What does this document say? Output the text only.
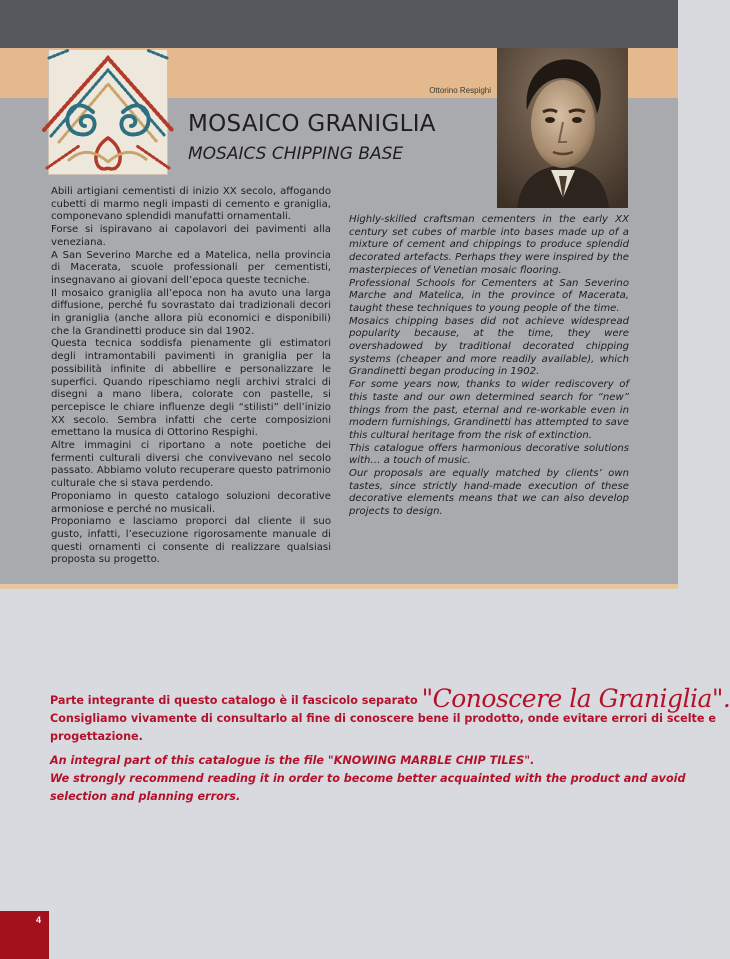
Ottorino Respighi
MOSAICO GRANIGLIA
MOSAICS CHIPPING BASE

Abili artigiani cementisti di inizio XX secolo, affogando cubetti di marmo negli impasti di cemento e graniglia, componevano splendidi manufatti ornamentali.

Forse si ispiravano ai capolavori dei pavimenti alla veneziana.

A San Severino Marche ed a Matelica, nella provincia di Macerata, scuole professionali per cementisti, insegnavano ai giovani dell’epoca queste tecniche.

Il mosaico graniglia all’epoca non ha avuto una larga diffusione, perché fu sovrastato dai tradizionali decori in graniglia (anche allora più economici e disponibili) che la Grandinetti produce sin dal 1902.

Questa tecnica soddisfa pienamente gli estimatori degli intramontabili pavimenti in graniglia per la possibilità infinite di abbellire e personalizzare le superfici. Quando ripeschiamo negli archivi stralci di disegni a mano libera, colorate con pastelle, si percepisce le chiare influenze degli “stilisti” dell’inizio XX secolo. Sembra infatti che certe composizioni emettano la musica di Ottorino Respighi.

Altre immagini ci riportano a note poetiche dei fermenti culturali diversi che convivevano nel secolo passato. Abbiamo voluto recuperare questo patrimonio culturale che si stava perdendo.

Proponiamo in questo catalogo soluzioni decorative armoniose e perché no musicali.

Proponiamo e lasciamo proporci dal cliente il suo gusto, infatti, l’esecuzione rigorosamente manuale di questi ornamenti ci consente di realizzare qualsiasi proposta su progetto.

Highly-skilled craftsman cementers in the early XX century set cubes of marble into bases made up of a mixture of cement and chippings to produce splendid decorated artefacts. Perhaps they were inspired by the masterpieces of Venetian mosaic flooring.

Professional Schools for Cementers at San Severino Marche and Matelica, in the province of Macerata, taught these techniques to young people of the time.

Mosaics chipping bases did not achieve widespread popularity because, at the time, they were overshadowed by traditional decorated chipping systems (cheaper and more readily available), which Grandinetti began producing in 1902.

For some years now, thanks to wider rediscovery of this taste and our own determined search for “new” things from the past, eternal and re-workable even in modern furnishings, Grandinetti has attempted to save this cultural heritage from the risk of extinction.

This catalogue offers harmonious decorative solutions with… a touch of music.

Our proposals are equally matched by clients’ own tastes, since strictly hand-made execution of these decorative elements means that we can also develop projects to design.

Parte integrante di questo catalogo è il fascicolo separato "Conoscere la Graniglia".
Consigliamo vivamente di consultarlo al fine di conoscere bene il prodotto, onde evitare errori di scelte e
progettazione.
An integral part of this catalogue is the file "KNOWING MARBLE CHIP TILES".
We strongly recommend reading it in order to become better acquainted with the product and avoid
selection and planning errors.
4
